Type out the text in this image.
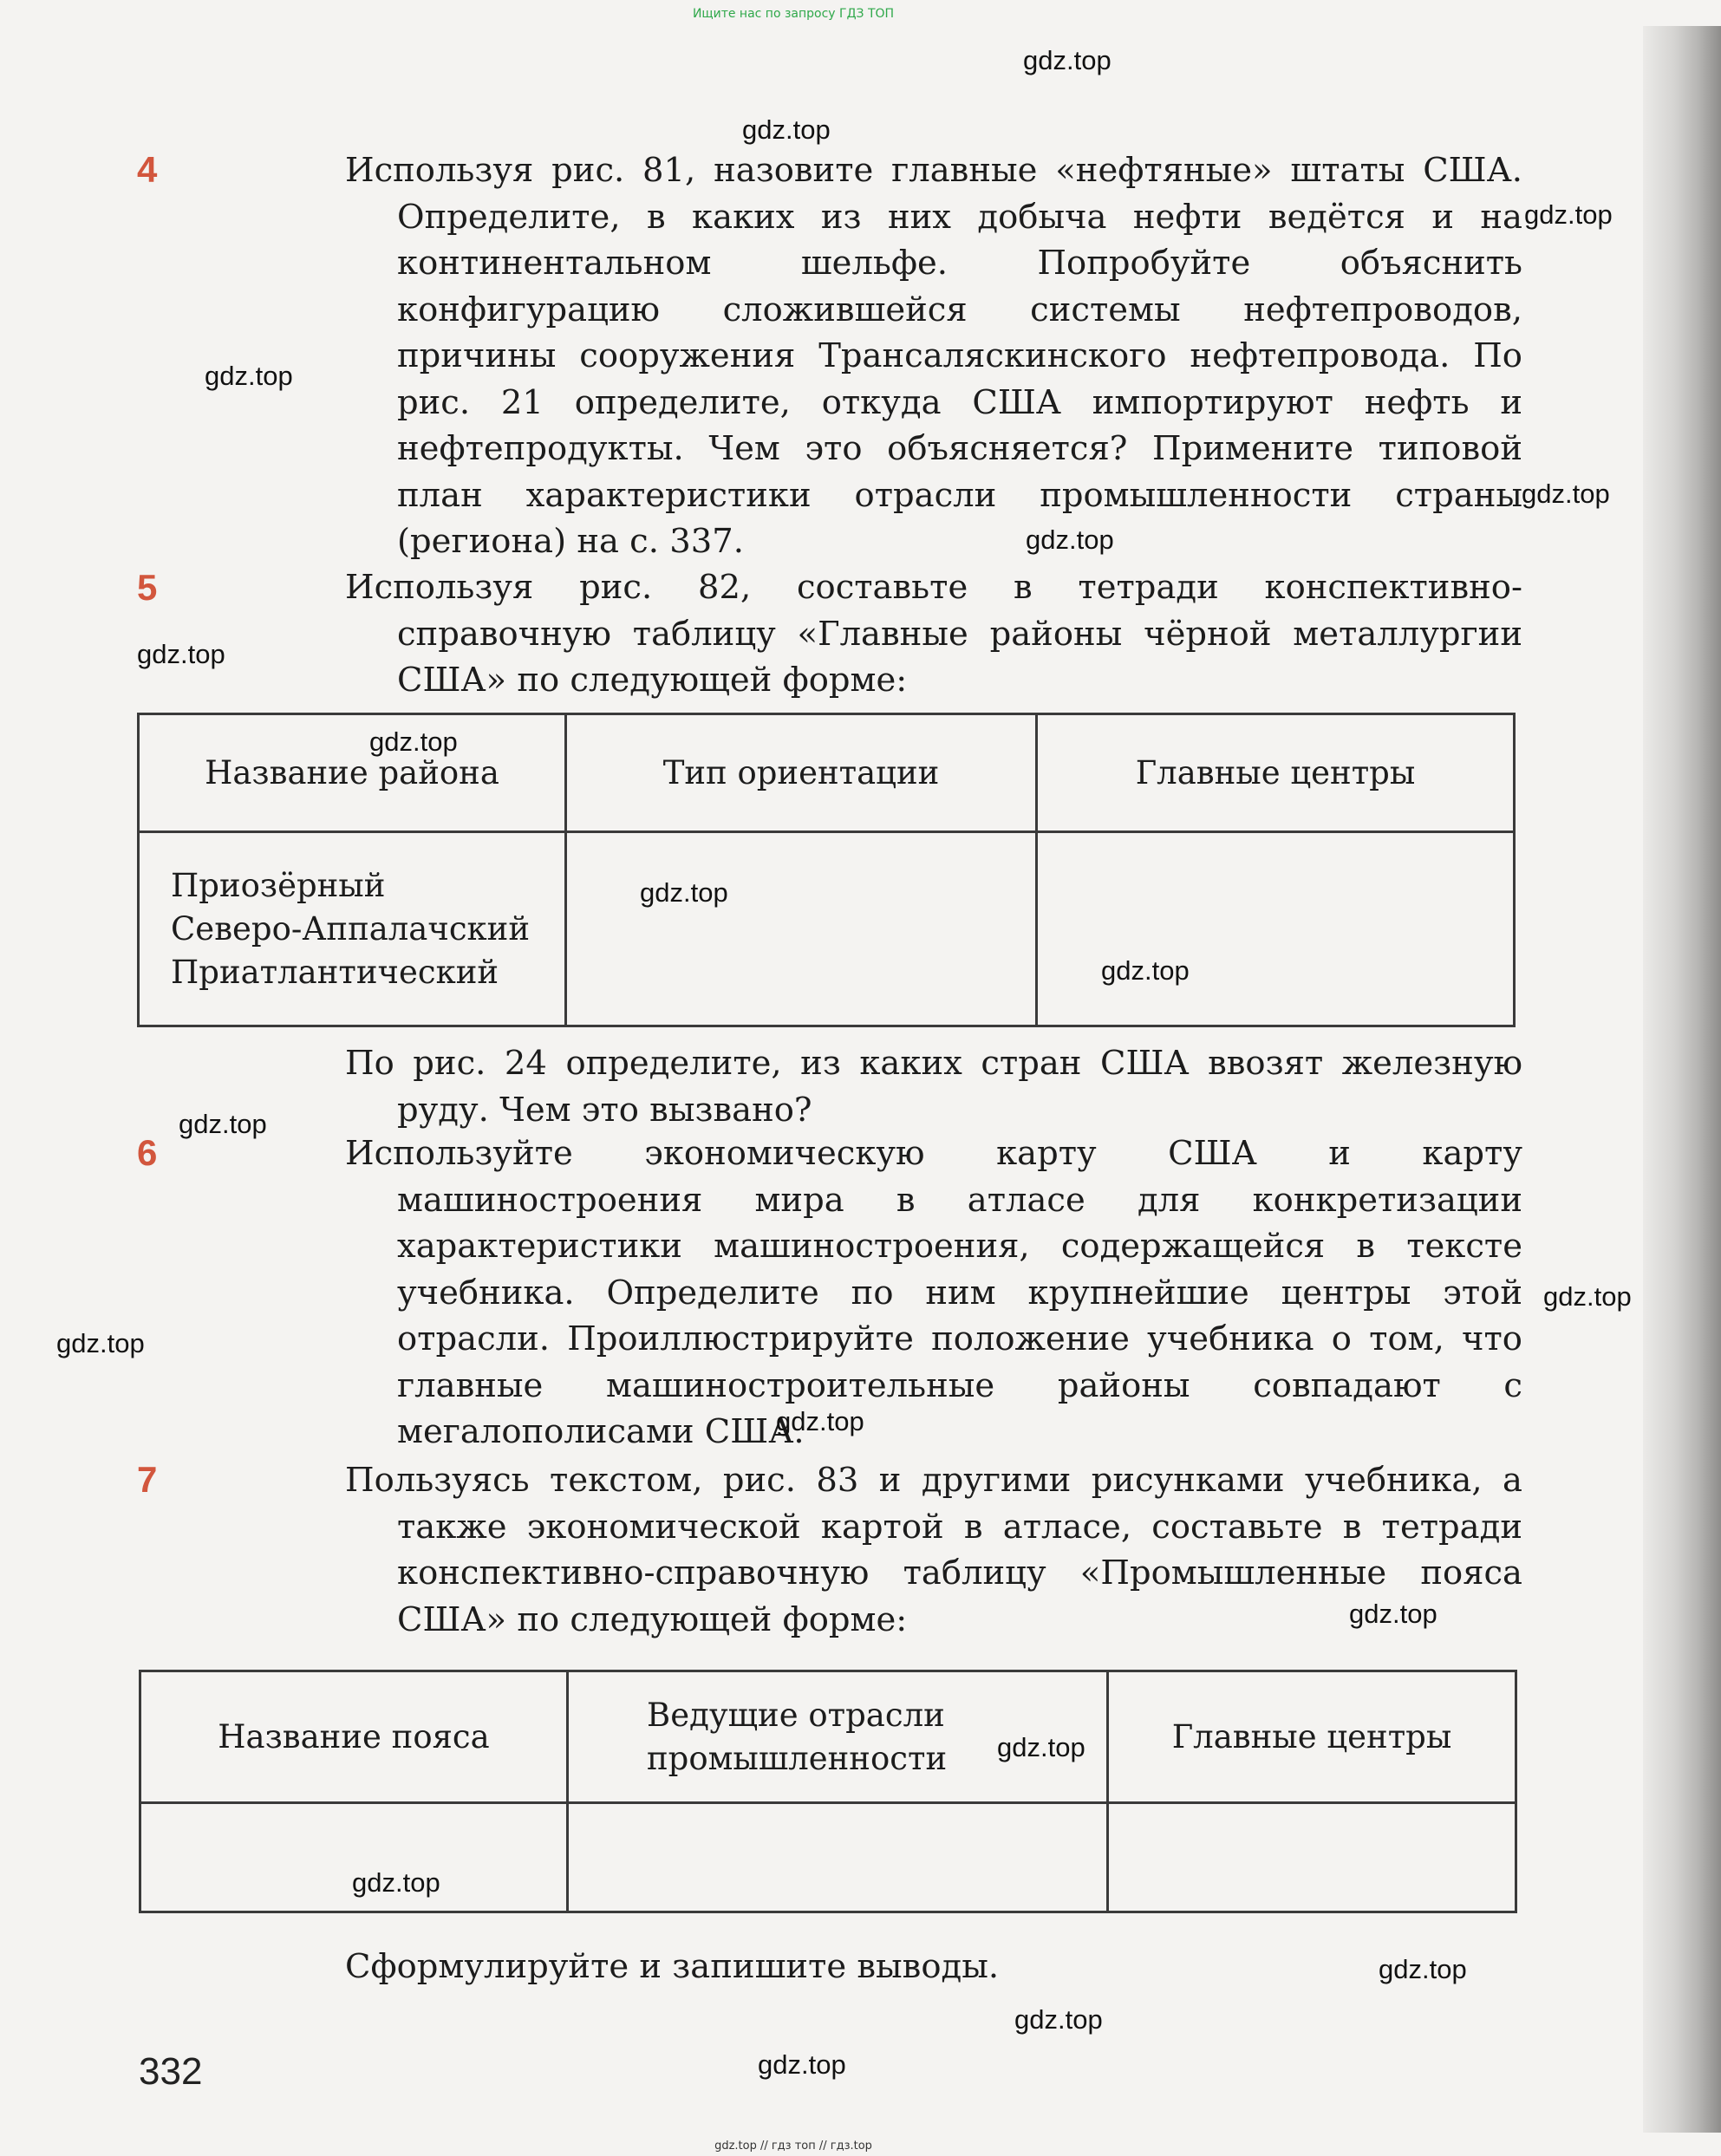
Ищите нас по запросу ГДЗ ТОП
4	Используя рис. 81, назовите главные «нефтяные» штаты США. Определите, в каких из них добыча нефти ведётся и на континентальном шельфе. Попробуйте объяснить конфигурацию сложившейся системы нефтепроводов, причины сооружения Трансаляскинского нефтепровода. По рис. 21 определите, откуда США импортируют нефть и нефтепродукты. Чем это объясняется? Примените типовой план характеристики отрасли промышленности страны (региона) на с. 337.
5	Используя рис. 82, составьте в тетради конспективно-справочную таблицу «Главные районы чёрной металлургии США» по следующей форме:
Название района	Тип ориентации	Главные центры

Приозёрный
Северо-Аппалачский
Приатлантический		

По рис. 24 определите, из каких стран США ввозят железную руду. Чем это вызвано?
6	Используйте экономическую карту США и карту машиностроения мира в атласе для конкретизации характеристики машиностроения, содержащейся в тексте учебника. Определите по ним крупнейшие центры этой отрасли. Проиллюстрируйте положение учебника о том, что главные машиностроительные районы совпадают с мегалополисами США.
7	Пользуясь текстом, рис. 83 и другими рисунками учебника, а также экономической картой в атласе, составьте в тетради конспективно-справочную таблицу «Промышленные пояса США» по следующей форме:
Название пояса	Ведущие отрасли промышленности	Главные центры

Сформулируйте и запишите выводы.
332
gdz.top
gdz.top
gdz.top
gdz.top
gdz.top
gdz.top
gdz.top
gdz.top
gdz.top
gdz.top
gdz.top
gdz.top
gdz.top
gdz.top
gdz.top
gdz.top
gdz.top
gdz.top
gdz.top
gdz.top
gdz.top // гдз топ // гдз.top
